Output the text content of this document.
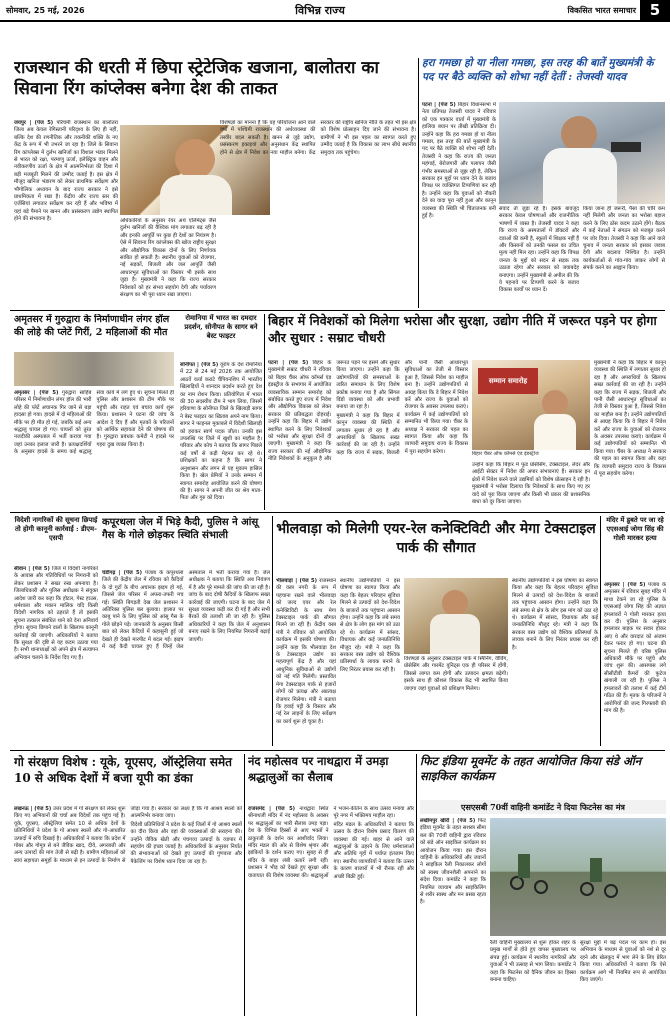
सोमवार, 25 मई, 2026	विभिन्न राज्य	विकसित भारत समाचार 5
राजस्थान की धरती में छिपा स्ट्रेटेजिक खजाना, बालोतरा का सिवाना रिंग कांप्लेक्स बनेगा देश की ताकत

जयपुर | (पेज 5) परिचमी राजस्थान का बालोतरा जिला अब केवल रेगिस्तानी परिदृश्य के लिए ही नहीं, बल्कि देश की रणनीतिक और तकनीकी शक्ति के नए केंद्र के रूप में भी उभरने जा रहा है। जिले के सिवाना रिंग कांप्लेक्स में दुर्लभ खनिजों का विशाल भंडार मिलने से भारत को रक्षा, परमाणु ऊर्जा, इलेक्ट्रिक वाहन और नवीकरणीय ऊर्जा के क्षेत्र में आत्मनिर्भरता की दिशा में बड़ी मजबूती मिलने की उम्मीद जताई है। इस क्षेत्र में मौजूद खनिज भंडारण को लेकर प्राथमिक सर्वेक्षण और भौगोलिक अध्ययन के बाद राज्य सरकार ने इसे प्राथमिकता में रखा है। केंद्रीय और राज्य स्तर की एजेंसियां लगातार सर्वेक्षण कर रही हैं और भविष्य में यहां बड़े पैमाने पर खनन और प्रसंस्करण उद्योग स्थापित होने की संभावना है।	अधिकारियों के अनुसार रेयर अर्थ एलिमेंट्स जैसे दुर्लभ खनिजों की वैश्विक मांग लगातार बढ़ रही है और इनकी आपूर्ति पर कुछ ही देशों का नियंत्रण है। ऐसे में सिवाना रिंग कांप्लेक्स की खोज राष्ट्रीय सुरक्षा और औद्योगिक विकास दोनों के लिए निर्णायक साबित हो सकती है। स्थानीय युवाओं को रोजगार, नई सड़कों, बिजली और जल आपूर्ति जैसी आधारभूत सुविधाओं का विस्तार भी इसके साथ जुड़ा है। मुख्यमंत्री ने कहा कि राज्य सरकार निवेशकों को हर संभव सहयोग देगी और पर्यावरण संरक्षण का भी पूरा ध्यान रखा जाएगा।

विशेषज्ञों का मानना है कि यह परियोजना आने वाले वर्षों में पश्चिमी राजस्थान की अर्थव्यवस्था की तस्वीर बदल सकती है। खनन से जुड़े उद्योग, प्रसंस्करण इकाइयां और अनुसंधान केंद्र स्थापित होने से क्षेत्र में निवेश का नया माहौल बनेगा। केंद्र सरकार की राष्ट्रीय खनिज नीति के तहत भी इस क्षेत्र को विशेष प्रोत्साहन दिए जाने की संभावना है। ग्रामीणों ने भी इस पहल का स्वागत करते हुए उम्मीद जताई है कि विकास का लाभ सीधे स्थानीय समुदाय तक पहुंचेगा।

हरा गमछा हो या नीला गमछा, इस तरह की बातें मुख्यमंत्री के पद पर बैठे व्यक्ति को शोभा नहीं देतीं : तेजस्वी यादव

पटना | (पेज 5) बिहार विधानसभा में नेता प्रतिपक्ष तेजस्वी यादव ने रविवार को एक पत्रकार वार्ता में मुख्यमंत्री के हालिया बयान पर तीखी प्रतिक्रिया दी। उन्होंने कहा कि हरा गमछा हो या नीला गमछा, इस तरह की बातें मुख्यमंत्री के पद पर बैठे व्यक्ति को शोभा नहीं देतीं। तेजस्वी ने कहा कि राज्य की जनता महंगाई, बेरोजगारी और पलायन जैसी गंभीर समस्याओं से जूझ रही है, लेकिन सरकार इन मुद्दों पर ध्यान देने के बजाय विपक्ष पर व्यक्तिगत टिप्पणियां कर रही है। उन्होंने कहा कि युवाओं को नौकरी देने का वादा पूरा नहीं हुआ और कानून व्यवस्था की स्थिति भी चिंताजनक बनी हुई है।

संवाद तो जुड़ा रहे हैं। इसके बावजूद सरकार केवल घोषणाओं और राजनीतिक भाषणों में व्यस्त है। तेजस्वी यादव ने कहा कि राज्य के अस्पतालों में डॉक्टरों और दवाओं की कमी है, स्कूलों में शिक्षक नहीं हैं और किसानों को उनकी फसल का उचित मूल्य नहीं मिल रहा। उन्होंने कहा कि विपक्ष जनता के मुद्दों को सदन से सड़क तक उठाता रहेगा और सरकार को जवाबदेह बनाएगा। उन्होंने मुख्यमंत्री से अपील की कि वे पहनावे पर टिप्पणी करने के बजाय विकास कार्यों पर ध्यान दें।

किया जाना ही जरूरी, पैसा की चोरि कम नहीं मिलेगी और जनता का भरोसा बहाल करने के लिए ठोस कदम उठाने होंगे। बैठक में कई नेताओं ने संगठन को मजबूत करने पर जोर दिया। तेजस्वी ने कहा कि आने वाले चुनाव में जनता सरकार को इसका जवाब देगी और बदलाव निश्चित है। उन्होंने कार्यकर्ताओं से गांव-गांव जाकर लोगों से संपर्क करने का आह्वान किया।

अमृतसर में गुरुद्वारा के निर्माणाधीन लंगर हॉल की लोहे की प्लेटें गिरीं, 2 महिलाओं की मौत

अमृतसर | (पेज 5) गुरुद्वारा साहिब परिसर में निर्माणाधीन लंगर हॉल की भारी लोहे की प्लेटें अचानक गिर जाने से बड़ा हादसा हो गया। हादसे में दो महिलाओं की मौके पर ही मौत हो गई, जबकि कई अन्य श्रद्धालु घायल हो गए। घायलों को तुरंत नजदीकी अस्पताल में भर्ती कराया गया जहां उनका इलाज जारी है। प्रत्यक्षदर्शियों के अनुसार हादसे के समय कई श्रद्धालु सेवा कार्य में लगे हुए थे। सूचना मिलते ही पुलिस और प्रशासन की टीम मौके पर पहुंची और राहत एवं बचाव कार्य शुरू किया। प्रशासन ने घटना की जांच के आदेश दे दिए हैं और मृतकों के परिजनों को आर्थिक सहायता देने की घोषणा की है। गुरुद्वारा प्रबंधक कमेटी ने हादसे पर गहरा दुख व्यक्त किया है।

रोमानिया में भारत का दमदार प्रदर्शन, सोनीपत के सागर बने बेस्ट फाइटर

सोनीपत | (पेज 5) यूरोप के देश रोमानिया में 22 से 24 मई 2026 तक आयोजित आठवें वर्ल्ड कराटे चैंपियनशिप में भारतीय खिलाड़ियों ने शानदार प्रदर्शन करते हुए देश का नाम रोशन किया। प्रतियोगिता में भारत की 30 सदस्यीय टीम ने भाग लिया, जिसमें हरियाणा के सोनीपत जिले के खिलाड़ी सागर ने बेस्ट फाइटर का खिताब अपने नाम किया। सागर ने फाइनल मुकाबले में विदेशी खिलाड़ी को हराकर स्वर्ण पदक जीता। उनकी इस उपलब्धि पर जिले में खुशी का माहौल है। परिवार और कोच ने बताया कि सागर पिछले कई वर्षों से कड़ी मेहनत कर रहे थे। प्रशिक्षकों का कहना है कि सागर ने अनुशासन और लगन से यह मुकाम हासिल किया है। खेल प्रेमियों ने उनके सम्मान में स्वागत समारोह आयोजित करने की घोषणा की है। सागर ने अपनी जीत का श्रेय माता-पिता और गुरु को दिया।

बिहार में निवेशकों को मिलेगा भरोसा और सुरक्षा, उद्योग नीति में जरूरत पड़ने पर होगा और सुधार : सम्राट चौधरी

पटना | (पेज 5) बिहार के मुख्यमंत्री सम्राट चौधरी ने रविवार को बिहार चैंबर ऑफ कॉमर्स एंड इंडस्ट्रीज के सभागार में आयोजित व्यवसायिक सम्मान समारोह को संबोधित करते हुए राज्य में निवेश और औद्योगिक विकास को लेकर सरकार की प्रतिबद्धता दोहराई। उन्होंने कहा कि बिहार में उद्योग स्थापित करने के लिए निवेशकों को भरोसा और सुरक्षा दोनों दी जाएगी। मुख्यमंत्री ने कहा कि राज्य सरकार की नई औद्योगिक नीति निवेशकों के अनुकूल है और जरूरत पड़ने पर इसमें और सुधार किया जाएगा। उन्होंने कहा कि उद्योगपतियों की समस्याओं के त्वरित समाधान के लिए विशेष प्रकोष्ठ बनाया गया है और सिंगल विंडो व्यवस्था को और प्रभावी बनाया जा रहा है।

मुख्यमंत्री ने कहा कि बिहार में कानून व्यवस्था की स्थिति में लगातार सुधार हो रहा है और अपराधियों के खिलाफ सख्त कार्रवाई की जा रही है। उन्होंने कहा कि राज्य में सड़क, बिजली और पानी जैसी आधारभूत सुविधाओं का तेजी से विस्तार हुआ है, जिससे निवेश का माहौल बना है। उन्होंने उद्योगपतियों से आग्रह किया कि वे बिहार में निवेश करें और राज्य के युवाओं को रोजगार के अवसर उपलब्ध कराएं। कार्यक्रम में कई उद्योगपतियों को सम्मानित भी किया गया। चैंबर के अध्यक्ष ने सरकार की पहल का स्वागत किया और कहा कि व्यापारी समुदाय राज्य के विकास में पूरा सहयोग करेगा।

सम्मान समारोह
बिहार चैंबर ऑफ कॉमर्स एंड इंडस्ट्रीज

उन्होंने कहा कि बिहार में फूड प्रोसेसिंग, टेक्सटाइल, लेदर और आईटी सेक्टर में निवेश की अपार संभावनाएं हैं। सरकार इन क्षेत्रों में निवेश करने वाले उद्यमियों को विशेष प्रोत्साहन दे रही है। मुख्यमंत्री ने भरोसा दिलाया कि निवेशकों के साथ किए गए हर वादे को पूरा किया जाएगा और किसी भी प्रकार की प्रशासनिक बाधा को दूर किया जाएगा।

मुख्यमंत्री ने कहा कि बिहार में कानून व्यवस्था की स्थिति में लगातार सुधार हो रहा है और अपराधियों के खिलाफ सख्त कार्रवाई की जा रही है। उन्होंने कहा कि राज्य में सड़क, बिजली और पानी जैसी आधारभूत सुविधाओं का तेजी से विस्तार हुआ है, जिससे निवेश का माहौल बना है। उन्होंने उद्योगपतियों से आग्रह किया कि वे बिहार में निवेश करें और राज्य के युवाओं को रोजगार के अवसर उपलब्ध कराएं। कार्यक्रम में कई उद्योगपतियों को सम्मानित भी किया गया। चैंबर के अध्यक्ष ने सरकार की पहल का स्वागत किया और कहा कि व्यापारी समुदाय राज्य के विकास में पूरा सहयोग करेगा।

विदेशी नागरिकों की सूचना छिपाई तो होगी कानूनी कार्रवाई : डीएम-एसपी

सीवान | (पेज 5) जिले में विदेशी नागरिकों के आवास और गतिविधियों पर निगरानी को लेकर प्रशासन ने सख्त रुख अपनाया है। जिलाधिकारी और पुलिस अधीक्षक ने संयुक्त आदेश जारी कर कहा कि होटल, गेस्ट हाउस, धर्मशाला और मकान मालिक यदि किसी विदेशी नागरिक को ठहराते हैं तो इसकी सूचना तत्काल संबंधित थाने को देना अनिवार्य होगा। सूचना छिपाने वालों के खिलाफ कानूनी कार्रवाई की जाएगी। अधिकारियों ने बताया कि सुरक्षा की दृष्टि से यह कदम उठाया गया है। सभी थानाध्यक्षों को अपने क्षेत्र में सत्यापन अभियान चलाने के निर्देश दिए गए हैं।

कपूरथला जेल में भिड़े कैदी, पुलिस ने आंसू गैस के गोले छोड़कर स्थिति संभाली

चंडीगढ़ | (पेज 5) पंजाब के कपूरथला जिले की केंद्रीय जेल में रविवार को कैदियों के दो गुटों के बीच अचानक झड़प हो गई, जिससे जेल परिसर में अफरा-तफरी मच गई। स्थिति बिगड़ती देख जेल प्रशासन ने अतिरिक्त पुलिस बल बुलाया। हालात पर काबू पाने के लिए पुलिस को आंसू गैस के गोले छोड़ने पड़े। जानकारी के अनुसार किसी बात को लेकर कैदियों में कहासुनी हुई जो देखते ही देखते मारपीट में बदल गई। झड़प में कई कैदी घायल हुए हैं जिन्हें जेल अस्पताल में भर्ती कराया गया है। जेल अधीक्षक ने बताया कि स्थिति अब नियंत्रण में है और पूरे मामले की जांच की जा रही है। जांच के बाद दोषी कैदियों के खिलाफ सख्त कार्रवाई की जाएगी। घटना के बाद जेल में सुरक्षा व्यवस्था कड़ी कर दी गई है और सभी बैरकों की तलाशी ली जा रही है। पुलिस अधिकारियों ने कहा कि जेल में अनुशासन बनाए रखने के लिए नियमित निगरानी बढ़ाई जाएगी।

भीलवाड़ा को मिलेगी एयर-रेल कनेक्टिविटी और मेगा टेक्सटाइल पार्क की सौगात

भीलवाड़ा | (पेज 5) राजस्थान की वस्त्र नगरी के रूप में पहचाना रखने वाले भीलवाड़ा को जल्द एयर और रेल कनेक्टिविटी के साथ मेगा टेक्सटाइल पार्क की सौगात मिलने जा रही है। केंद्रीय वस्त्र मंत्री ने रविवार को आयोजित कार्यक्रम में इसकी घोषणा की। उन्होंने कहा कि भीलवाड़ा देश के टेक्सटाइल उद्योग का महत्वपूर्ण केंद्र है और यहां आधुनिक सुविधाओं से उद्योगों को नई गति मिलेगी। प्रस्तावित मेगा टेक्सटाइल पार्क से हजारों लोगों को प्रत्यक्ष और अप्रत्यक्ष रोजगार मिलेगा। मंत्री ने बताया कि हवाई पट्टी के विस्तार और नई रेल लाइनों के लिए सर्वेक्षण का कार्य शुरू हो चुका है।

स्थानीय उद्योगपतियों ने इस घोषणा का स्वागत किया और कहा कि बेहतर परिवहन सुविधा मिलने से उत्पादों को देश-विदेश के बाजारों तक पहुंचाना आसान होगा। उन्होंने कहा कि लंबे समय से क्षेत्र के लोग इस मांग को उठा रहे थे। कार्यक्रम में सांसद, विधायक और कई जनप्रतिनिधि मौजूद रहे। मंत्री ने कहा कि सरकार वस्त्र उद्योग को वैश्विक प्रतिस्पर्धा के लायक बनाने के लिए निरंतर प्रयास कर रही है।

विशेषज्ञों के अनुसार टेक्सटाइल पार्क में स्पिनिंग, वीविंग, प्रोसेसिंग और गारमेंट यूनिट्स एक ही परिसर में होंगी, जिससे लागत कम होगी और उत्पादन क्षमता बढ़ेगी। इसके साथ ही कौशल विकास केंद्र भी स्थापित किया जाएगा जहां युवाओं को प्रशिक्षण मिलेगा।

स्थानीय उद्योगपतियों ने इस घोषणा का स्वागत किया और कहा कि बेहतर परिवहन सुविधा मिलने से उत्पादों को देश-विदेश के बाजारों तक पहुंचाना आसान होगा। उन्होंने कहा कि लंबे समय से क्षेत्र के लोग इस मांग को उठा रहे थे। कार्यक्रम में सांसद, विधायक और कई जनप्रतिनिधि मौजूद रहे। मंत्री ने कहा कि सरकार वस्त्र उद्योग को वैश्विक प्रतिस्पर्धा के लायक बनाने के लिए निरंतर प्रयास कर रही है।

मंदिर में डूबते पर जा रहे एएसआई जोगा सिंह की गोली मारकर हत्या

अमृतसर | (पेज 5) पंजाब के अमृतसर में रविवार सुबह मंदिर में माथा टेकने जा रहे पुलिस के एएसआई जोगा सिंह की अज्ञात हमलावरों ने गोली मारकर हत्या कर दी। पुलिस के अनुसार हमलावर बाइक पर सवार होकर आए थे और वारदात को अंजाम देकर फरार हो गए। घटना की सूचना मिलते ही वरिष्ठ पुलिस अधिकारी मौके पर पहुंचे और जांच शुरू की। आसपास लगे सीसीटीवी कैमरों की फुटेज खंगाली जा रही है। पुलिस ने हमलावरों की तलाश में कई टीमें गठित की हैं। मृतक के परिजनों ने आरोपियों की जल्द गिरफ्तारी की मांग की है।

गो संरक्षण विशेष : यूके, यूएसए, ऑस्ट्रेलिया समेत 10 से अधिक देशों में बजा यूपी का डंका

लखनऊ | (पेज 5) उत्तर प्रदेश में गो संरक्षण को लेकर शुरू किए गए अभियानों की चर्चा अब विदेशों तक पहुंच गई है। यूके, यूएसए, ऑस्ट्रेलिया समेत 10 से अधिक देशों के प्रतिनिधियों ने प्रदेश के गो आश्रय स्थलों और गो-आधारित उत्पादों में रुचि दिखाई है। अधिकारियों ने बताया कि प्रदेश में गोबर और गोमूत्र से बने जैविक खाद, दीये, अगरबत्ती और अन्य उत्पादों की मांग तेजी से बढ़ी है। ग्रामीण महिलाओं को स्वयं सहायता समूहों के माध्यम से इन उत्पादों के निर्माण से जोड़ा गया है। सरकार का लक्ष्य है कि गो आश्रय स्थलों को आत्मनिर्भर बनाया जाए।

विदेशी प्रतिनिधियों ने प्रदेश के कई जिलों में गो आश्रय स्थलों का दौरा किया और वहां की व्यवस्थाओं की सराहना की। उन्होंने जैविक खेती और पंचगव्य उत्पादों के व्यापार में सहयोग की इच्छा जताई है। अधिकारियों के अनुसार निर्यात की संभावनाओं को देखते हुए उत्पादों की गुणवत्ता और पैकेजिंग पर विशेष ध्यान दिया जा रहा है।

नंद महोत्सव पर नाथद्वारा में उमड़ा श्रद्धालुओं का सैलाब

राजसमंद | (पेज 5) नाथद्वारा स्थित श्रीनाथजी मंदिर में नंद महोत्सव के अवसर पर श्रद्धालुओं का भारी सैलाब उमड़ पड़ा। देश के विभिन्न हिस्सों से आए भक्तों ने ठाकुरजी के दर्शन कर आशीर्वाद लिया। मंदिर मंडल की ओर से विशेष श्रृंगार और झांकियों के दर्शन कराए गए। सुबह से ही मंदिर के बाहर लंबी कतारें लगी रहीं। प्रशासन ने भीड़ को देखते हुए सुरक्षा और यातायात की विशेष व्यवस्था की। श्रद्धालुओं ने भजन-कीर्तन के साथ उत्सव मनाया और पूरे नगर में भक्तिमय माहौल रहा।

मंदिर मंडल के अधिकारियों ने बताया कि उत्सव के दौरान विशेष प्रसाद वितरण की व्यवस्था की गई। बाहर से आने वाले श्रद्धालुओं के ठहरने के लिए धर्मशालाओं और अतिथि गृहों में पर्याप्त इंतजाम किए गए। स्थानीय व्यापारियों ने बताया कि उत्सव के कारण बाजारों में भी रौनक रही और अच्छी बिक्री हुई।

फिट इंडिया मूवमेंट के तहत आयोजित किया संडे ऑन साइकिल कार्यक्रम
एसएसबी 70वीं वाहिनी कमांडेंट ने दिया फिटनेस का मंत्र

लखीमपुर खीरी | (पेज 5) फिट इंडिया मूवमेंट के तहत सशस्त्र सीमा बल की 70वीं वाहिनी द्वारा रविवार को संडे ऑन साइकिल कार्यक्रम का आयोजन किया गया। इस दौरान वाहिनी के अधिकारियों और जवानों ने साइकिल रैली निकालकर लोगों को स्वस्थ जीवनशैली अपनाने का संदेश दिया। कमांडेंट ने कहा कि नियमित व्यायाम और साइकिलिंग से शरीर स्वस्थ और मन प्रसन्न रहता है।

रैली वाहिनी मुख्यालय से शुरू होकर शहर के प्रमुख मार्गों से होते हुए वापस मुख्यालय पर संपन्न हुई। कार्यक्रम में स्थानीय नागरिकों और युवाओं ने भी उत्साह से भाग लिया। कमांडेंट ने कहा कि फिटनेस को दैनिक जीवन का हिस्सा बनाना चाहिए।

सुरक्षा मुद्दों में बढ़ पदल पर काम हो। इस अभियान के माध्यम से युवाओं को नशे से दूर रहने और खेलकूद में भाग लेने के लिए प्रेरित किया गया। अधिकारियों ने बताया कि ऐसे कार्यक्रम आगे भी नियमित रूप से आयोजित किए जाएंगे।
